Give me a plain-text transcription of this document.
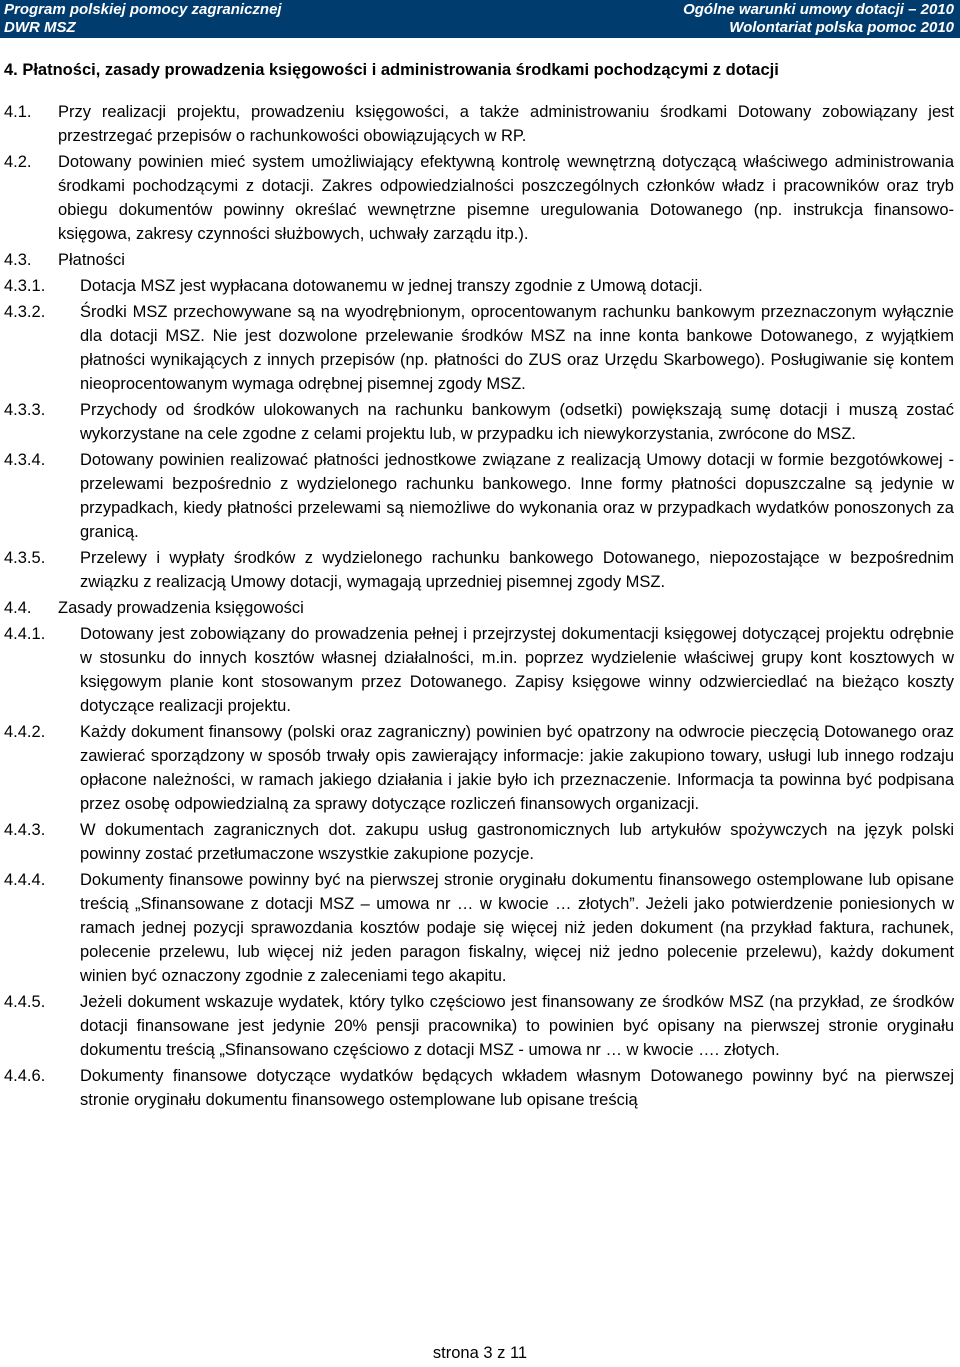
Program polskiej pomocy zagranicznej
DWR MSZ
Ogólne warunki umowy dotacji – 2010
Wolontariat polska pomoc 2010
4. Płatności, zasady prowadzenia księgowości i administrowania środkami pochodzącymi z dotacji
4.1.	Przy realizacji projektu, prowadzeniu księgowości, a także administrowaniu środkami Dotowany zobowiązany jest przestrzegać przepisów o rachunkowości obowiązujących w RP.
4.2.	Dotowany powinien mieć system umożliwiający efektywną kontrolę wewnętrzną dotyczącą właściwego administrowania środkami pochodzącymi z dotacji. Zakres odpowiedzialności poszczególnych członków władz i pracowników oraz tryb obiegu dokumentów powinny określać wewnętrzne pisemne uregulowania Dotowanego (np. instrukcja finansowo-księgowa, zakresy czynności służbowych, uchwały zarządu itp.).
4.3.	Płatności
4.3.1.	Dotacja MSZ jest wypłacana dotowanemu w jednej transzy zgodnie z Umową dotacji.
4.3.2.	Środki MSZ przechowywane są na wyodrębnionym, oprocentowanym rachunku bankowym przeznaczonym wyłącznie dla dotacji MSZ. Nie jest dozwolone przelewanie środków MSZ na inne konta bankowe Dotowanego, z wyjątkiem płatności wynikających z innych przepisów (np. płatności do ZUS oraz Urzędu Skarbowego). Posługiwanie się kontem nieoprocentowanym wymaga odrębnej pisemnej zgody MSZ.
4.3.3.	Przychody od środków ulokowanych na rachunku bankowym (odsetki) powiększają sumę dotacji i muszą zostać wykorzystane na cele zgodne z celami projektu lub, w przypadku ich niewykorzystania, zwrócone do MSZ.
4.3.4.	Dotowany powinien realizować płatności jednostkowe związane z realizacją Umowy dotacji w formie bezgotówkowej - przelewami bezpośrednio z wydzielonego rachunku bankowego. Inne formy płatności dopuszczalne są jedynie w przypadkach, kiedy płatności przelewami są niemożliwe do wykonania oraz w przypadkach wydatków ponoszonych za granicą.
4.3.5.	Przelewy i wypłaty środków z wydzielonego rachunku bankowego Dotowanego, niepozostające w bezpośrednim związku z realizacją Umowy dotacji, wymagają uprzedniej pisemnej zgody MSZ.
4.4.	Zasady prowadzenia księgowości
4.4.1.	Dotowany jest zobowiązany do prowadzenia pełnej i przejrzystej dokumentacji księgowej dotyczącej projektu odrębnie w stosunku do innych kosztów własnej działalności, m.in. poprzez wydzielenie właściwej grupy kont kosztowych w księgowym planie kont stosowanym przez Dotowanego. Zapisy księgowe winny odzwierciedlać na bieżąco koszty dotyczące realizacji projektu.
4.4.2.	Każdy dokument finansowy (polski oraz zagraniczny) powinien być opatrzony na odwrocie pieczęcią Dotowanego oraz zawierać sporządzony w sposób trwały opis zawierający informacje: jakie zakupiono towary, usługi lub innego rodzaju opłacone należności, w ramach jakiego działania i jakie było ich przeznaczenie. Informacja ta powinna być podpisana przez osobę odpowiedzialną za sprawy dotyczące rozliczeń finansowych organizacji.
4.4.3.	W dokumentach zagranicznych dot. zakupu usług gastronomicznych lub artykułów spożywczych na język polski powinny zostać przetłumaczone wszystkie zakupione pozycje.
4.4.4.	Dokumenty finansowe powinny być na pierwszej stronie oryginału dokumentu finansowego ostemplowane lub opisane treścią „Sfinansowane z dotacji MSZ – umowa nr … w kwocie … złotych”. Jeżeli jako potwierdzenie poniesionych w ramach jednej pozycji sprawozdania kosztów podaje się więcej niż jeden dokument (na przykład faktura, rachunek, polecenie przelewu, lub więcej niż jeden paragon fiskalny, więcej niż jedno polecenie przelewu), każdy dokument winien być oznaczony zgodnie z zaleceniami tego akapitu.
4.4.5.	Jeżeli dokument wskazuje wydatek, który tylko częściowo jest finansowany ze środków MSZ (na przykład, ze środków dotacji finansowane jest jedynie 20% pensji pracownika) to powinien być opisany na pierwszej stronie oryginału dokumentu treścią „Sfinansowano częściowo z dotacji MSZ - umowa nr … w kwocie …. złotych.
4.4.6.	Dokumenty finansowe dotyczące wydatków będących wkładem własnym Dotowanego powinny być na pierwszej stronie oryginału dokumentu finansowego ostemplowane lub opisane treścią
strona 3 z 11
